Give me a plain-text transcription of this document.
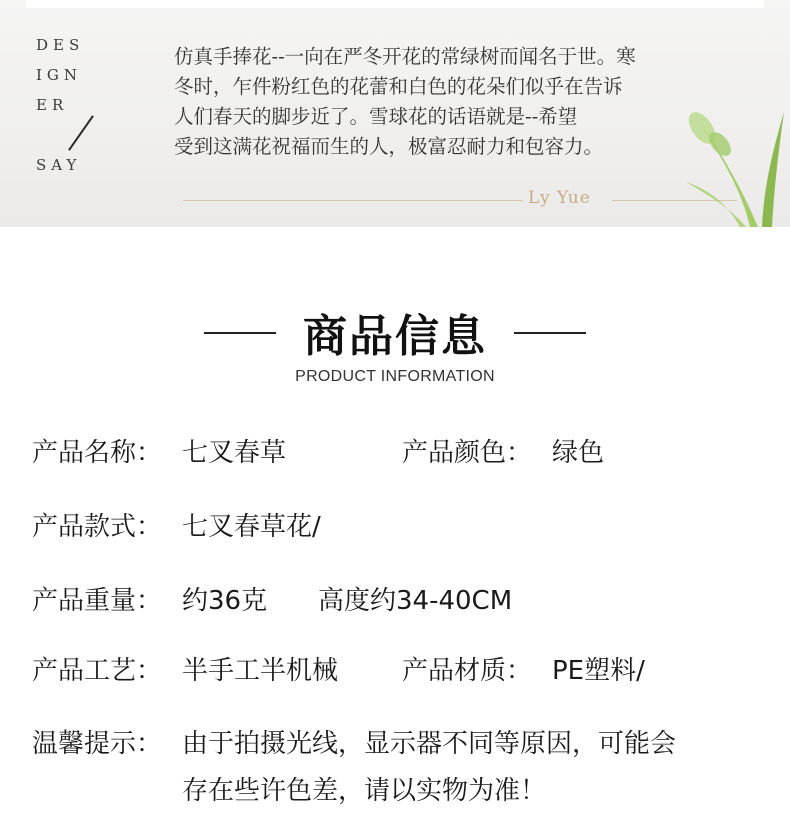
DES
IGN
ER
SAY

仿真手捧花--一向在严冬开花的常绿树而闻名于世。寒
冬时，乍件粉红色的花蕾和白色的花朵们似乎在告诉
人们春天的脚步近了。雪球花的话语就是--希望
受到这满花祝福而生的人，极富忍耐力和包容力。

Ly Yue
商品信息
PRODUCT INFORMATION
产品名称： 七叉春草	产品颜色： 绿色
产品款式： 七叉春草花/
产品重量： 约36克 高度约34-40CM
产品工艺： 半手工半机械 产品材质： PE塑料/
温馨提示： 由于拍摄光线，显示器不同等原因，可能会
存在些许色差，请以实物为准！
